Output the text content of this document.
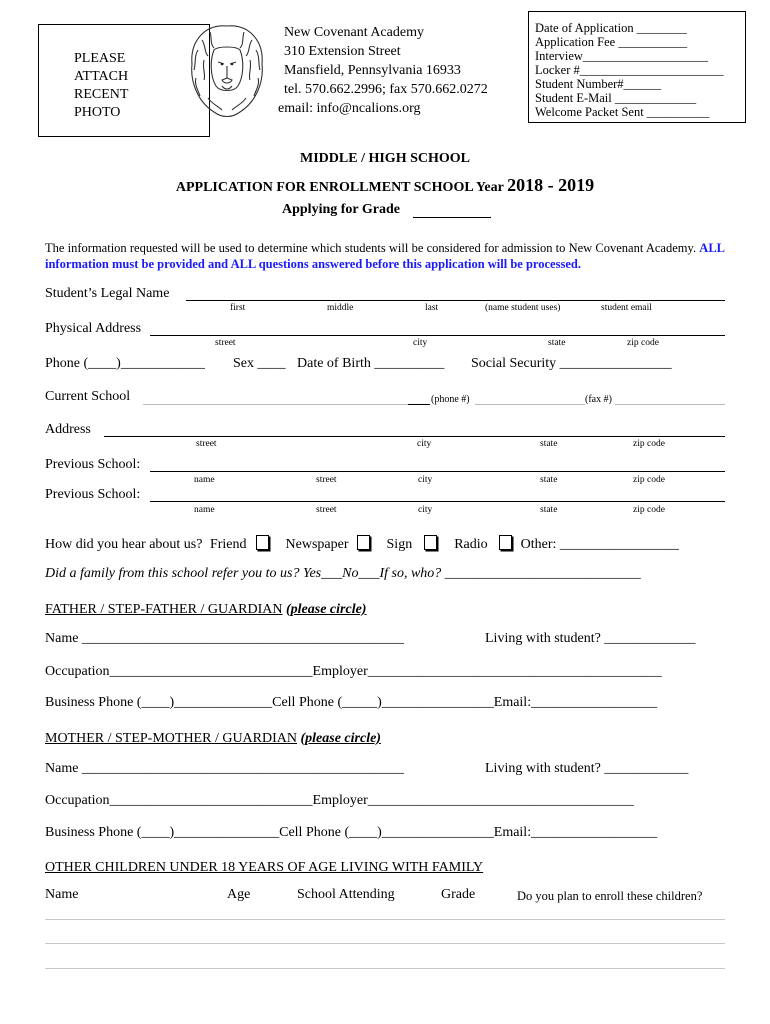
PLEASE
ATTACH
RECENT
PHOTO
New Covenant Academy
310 Extension Street
Mansfield, Pennsylvania 16933
tel. 570.662.2996; fax 570.662.0272
email: info@ncalions.org
Date of Application ________
Application Fee ___________
Interview____________________
Locker #_______________________
Student Number#______
Student E-Mail _____________
Welcome Packet Sent __________
MIDDLE / HIGH SCHOOL
APPLICATION FOR ENROLLMENT SCHOOL Year 2018 - 2019
Applying for Grade
The information requested will be used to determine which students will be considered for admission to New Covenant Academy. ALL information must be provided and ALL questions answered before this application will be processed.
Student’s Legal Name
first	middle	last	(name student uses)	student email
Physical Address
street	city	state	zip code
Phone (____)____________ Sex ____ Date of Birth __________ Social Security ________________
Current School	(phone #)	(fax #)
Address
street	city	state	zip code
Previous School:
name	street	city	state	zip code
Previous School:
name	street	city	state	zip code
How did you hear about us? Friend	Newspaper	Sign	Radio Other: _________________
Did a family from this school refer you to us? Yes___No___If so, who? ____________________________
FATHER / STEP-FATHER / GUARDIAN (please circle)
Name ______________________________________________	Living with student? _____________
Occupation_____________________________Employer__________________________________________
Business Phone (____)______________Cell Phone (_____)________________Email:__________________
MOTHER / STEP-MOTHER / GUARDIAN (please circle)
Name ______________________________________________	Living with student? ____________
Occupation_____________________________Employer______________________________________
Business Phone (____)_______________Cell Phone (____)________________Email:__________________
OTHER CHILDREN UNDER 18 YEARS OF AGE LIVING WITH FAMILY
Name	Age	School Attending	Grade	Do you plan to enroll these children?
